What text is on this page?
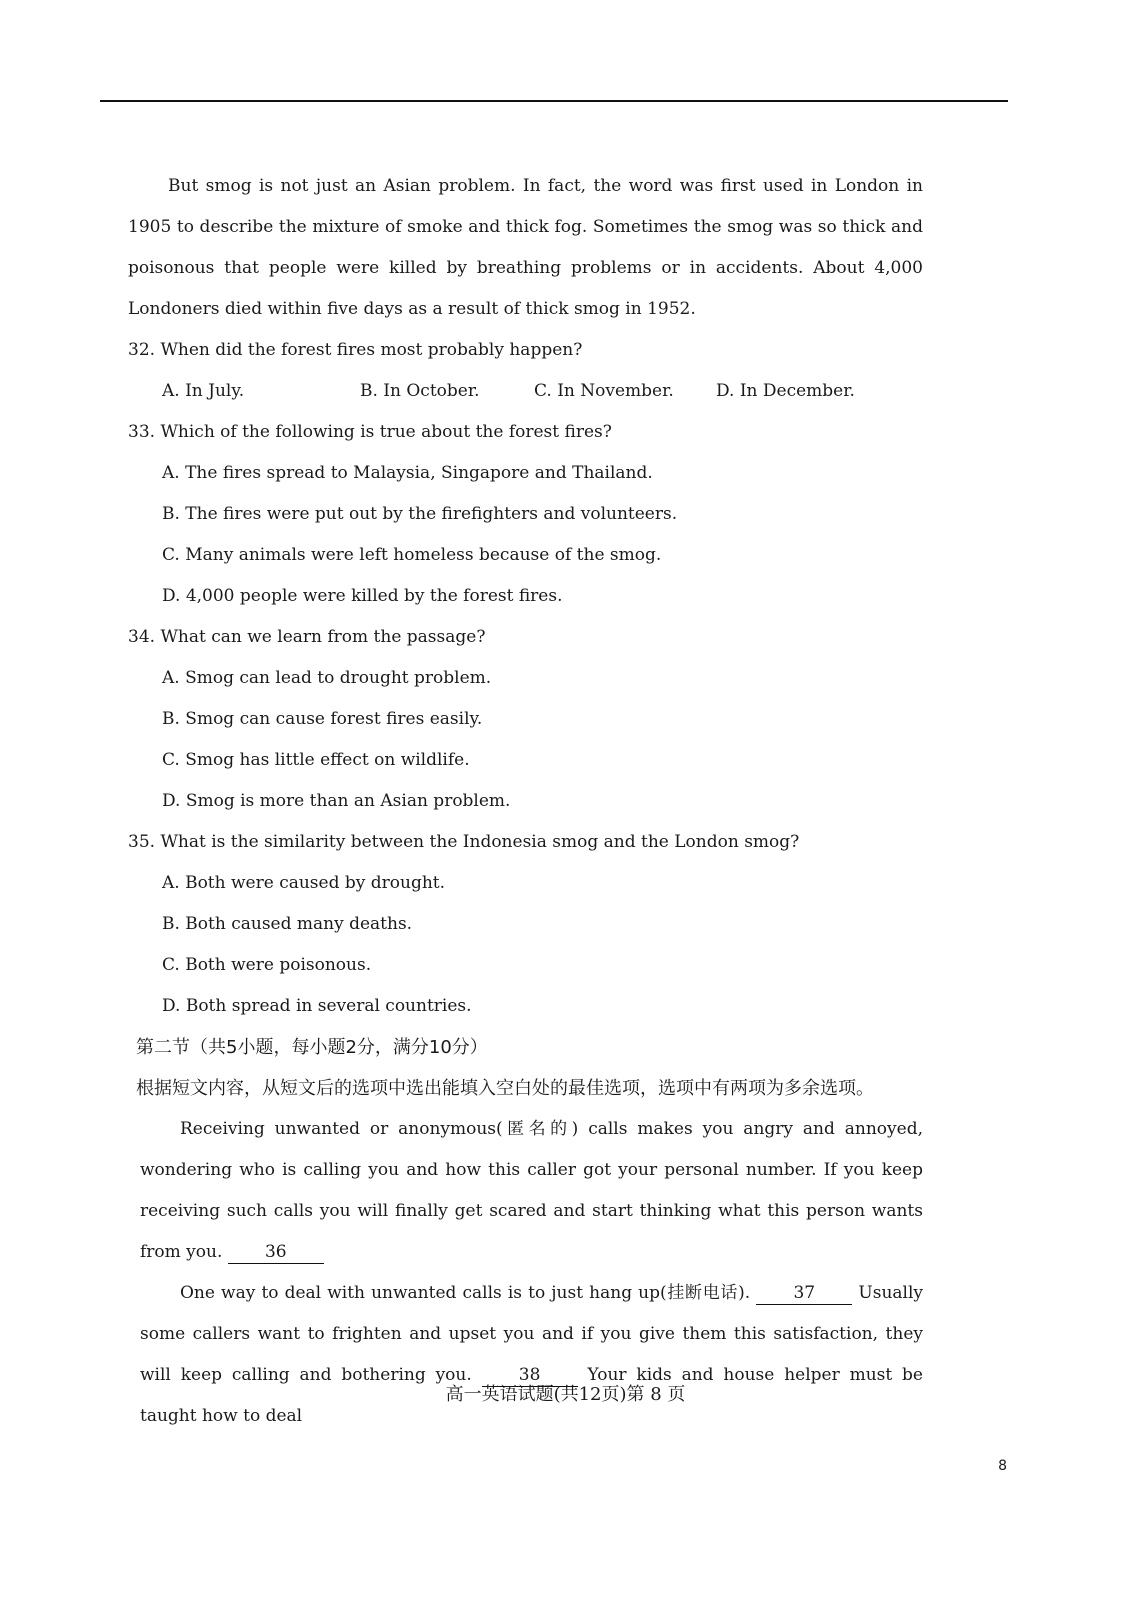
But smog is not just an Asian problem. In fact, the word was first used in London in 1905 to describe the mixture of smoke and thick fog. Sometimes the smog was so thick and poisonous that people were killed by breathing problems or in accidents. About 4,000 Londoners died within five days as a result of thick smog in 1952.

32. When did the forest fires most probably happen?

A. In July.	B. In October.	C. In November.	D. In December.

33. Which of the following is true about the forest fires?

A. The fires spread to Malaysia, Singapore and Thailand.

B. The fires were put out by the firefighters and volunteers.

C. Many animals were left homeless because of the smog.

D. 4,000 people were killed by the forest fires.

34. What can we learn from the passage?

A. Smog can lead to drought problem.

B. Smog can cause forest fires easily.

C. Smog has little effect on wildlife.

D. Smog is more than an Asian problem.

35. What is the similarity between the Indonesia smog and the London smog?

A. Both were caused by drought.

B. Both caused many deaths.

C. Both were poisonous.

D. Both spread in several countries.

第二节（共5小题，每小题2分，满分10分）

根据短文内容，从短文后的选项中选出能填入空白处的最佳选项，选项中有两项为多余选项。

Receiving unwanted or anonymous(匿名的) calls makes you angry and annoyed, wondering who is calling you and how this caller got your personal number. If you keep receiving such calls you will finally get scared and start thinking what this person wants from you.	36

One way to deal with unwanted calls is to just hang up(挂断电话).	37	Usually some callers want to frighten and upset you and if you give them this satisfaction, they will keep calling and bothering you.	38	Your kids and house helper must be taught how to deal

高一英语试题(共12页)第 8 页
8
